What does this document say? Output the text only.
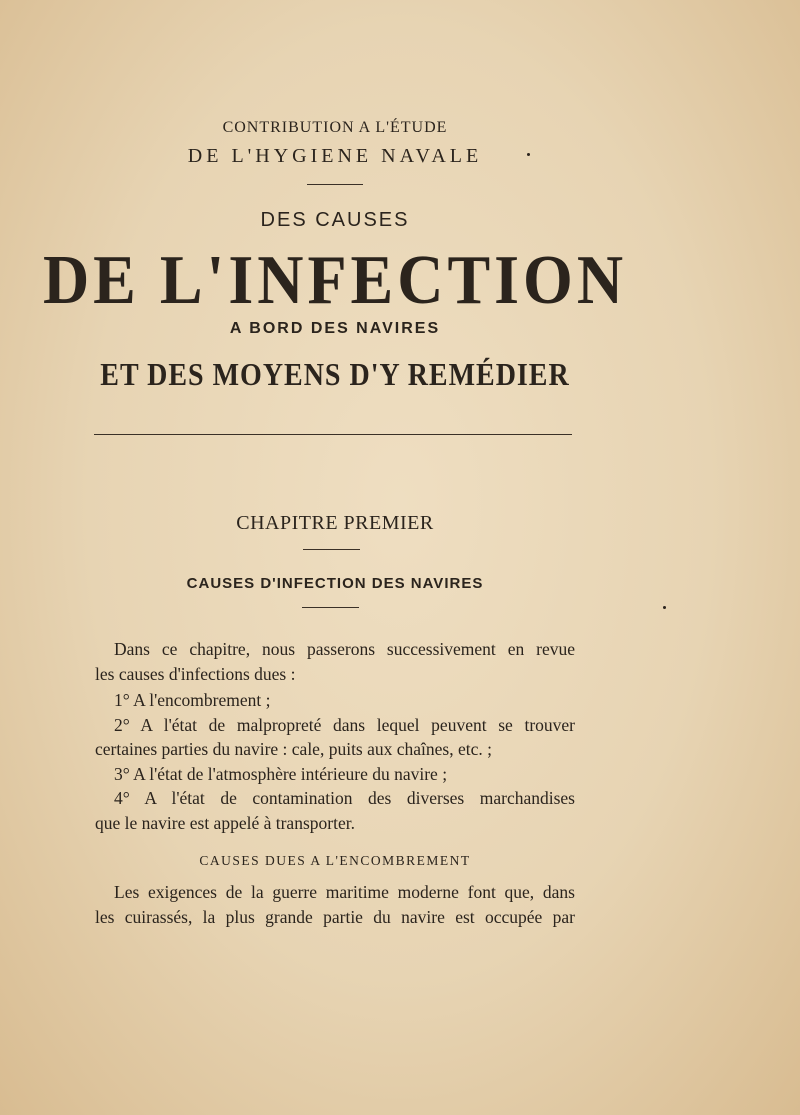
CONTRIBUTION A L'ÉTUDE
DE L'HYGIENE NAVALE
DES CAUSES
DE L'INFECTION
A BORD DES NAVIRES
ET DES MOYENS D'Y REMÉDIER
CHAPITRE PREMIER
CAUSES D'INFECTION DES NAVIRES
Dans ce chapitre, nous passerons successivement en revue
les causes d'infections dues :
1° A l'encombrement ;
2° A l'état de malpropreté dans lequel peuvent se trouver
certaines parties du navire : cale, puits aux chaînes, etc. ;
3° A l'état de l'atmosphère intérieure du navire ;
4° A l'état de contamination des diverses marchandises
que le navire est appelé à transporter.
CAUSES DUES A L'ENCOMBREMENT
Les exigences de la guerre maritime moderne font que, dans
les cuirassés, la plus grande partie du navire est occupée par
